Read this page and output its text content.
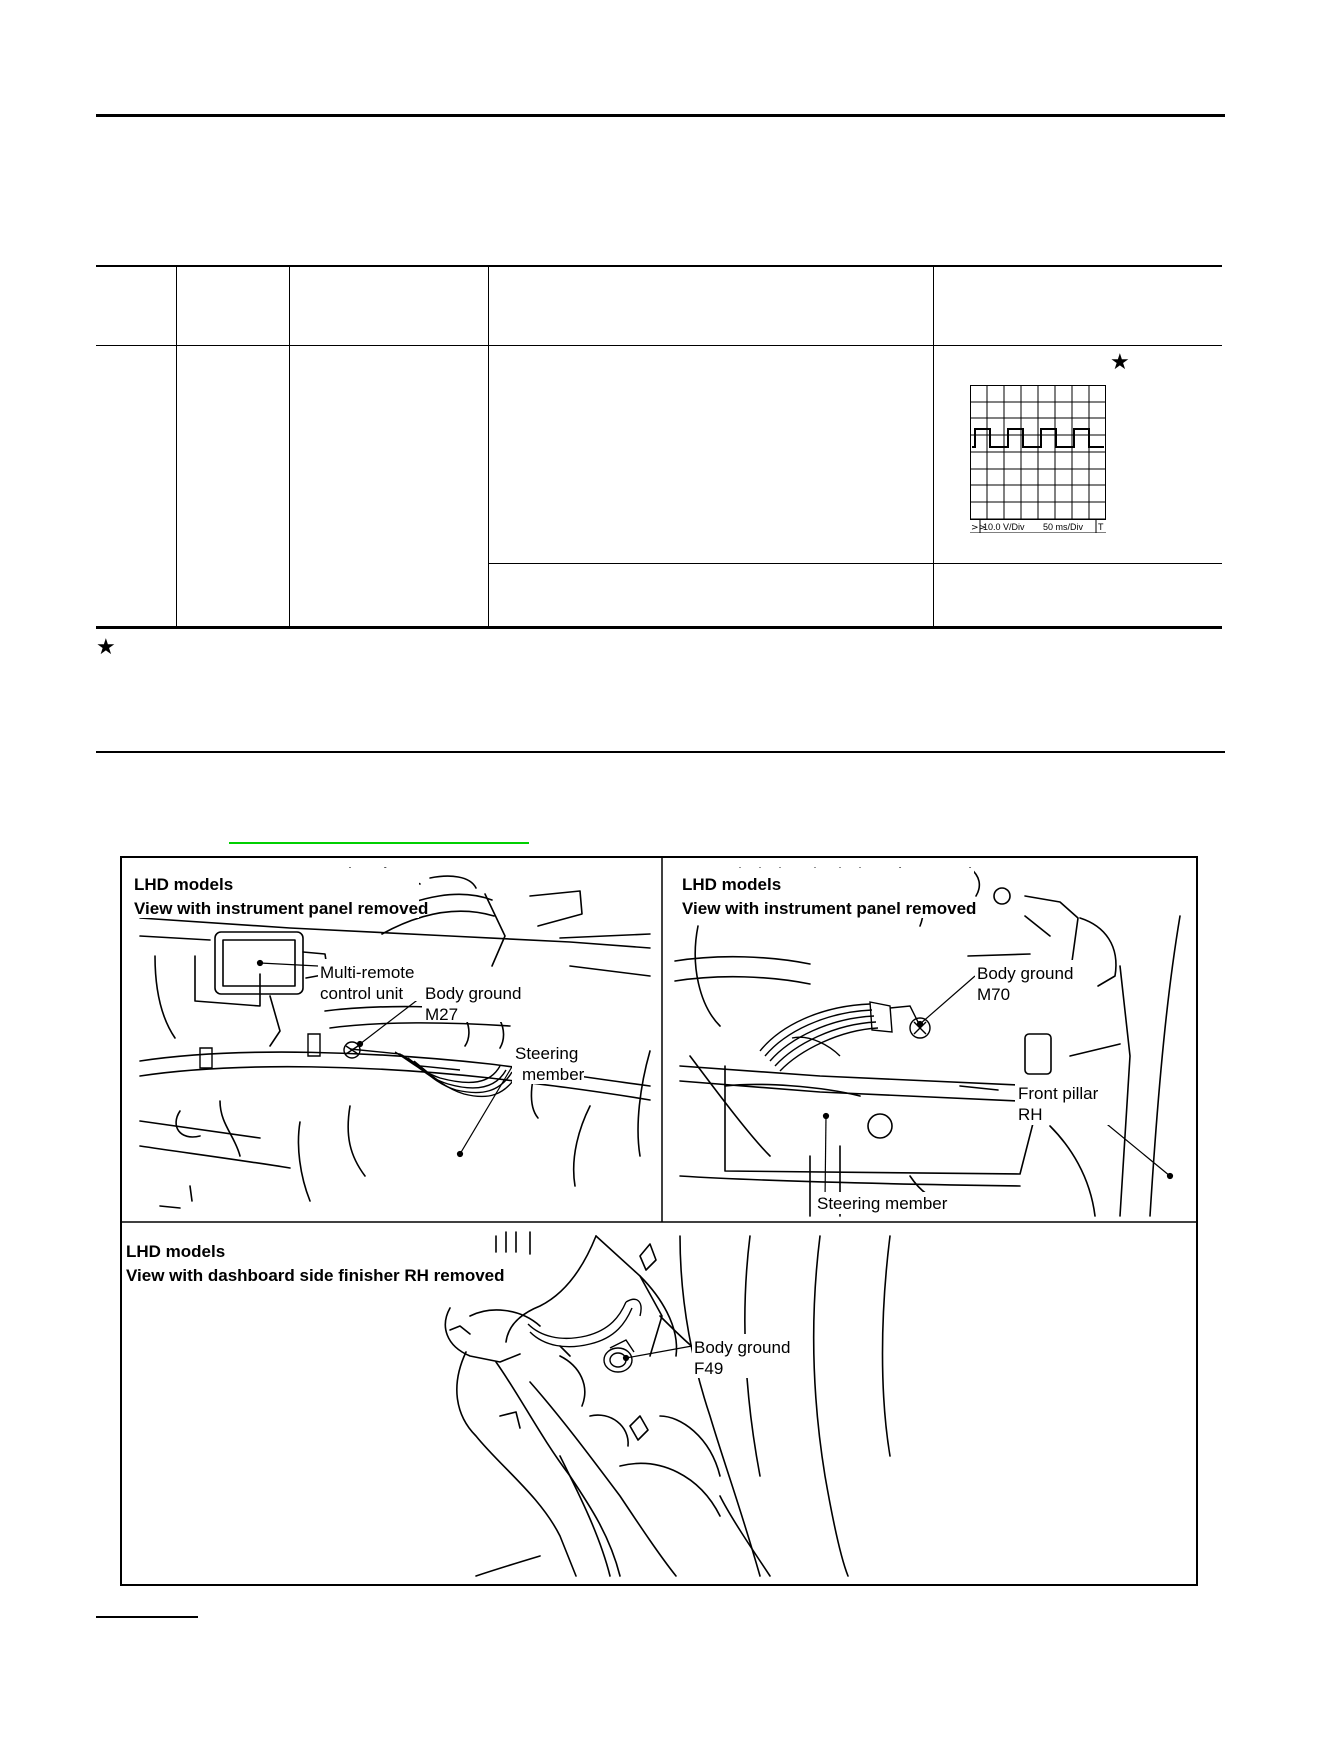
★
>>
10.0 V/Div 50 ms/Div T
★
LHD models
View with instrument panel removed
Multi-remote
control unit Body ground
M27
Steering
member
LHD models
View with instrument panel removed
Body ground
M70
Front pillar
RH
Steering member
LHD models
View with dashboard side finisher RH removed
Body ground
F49
